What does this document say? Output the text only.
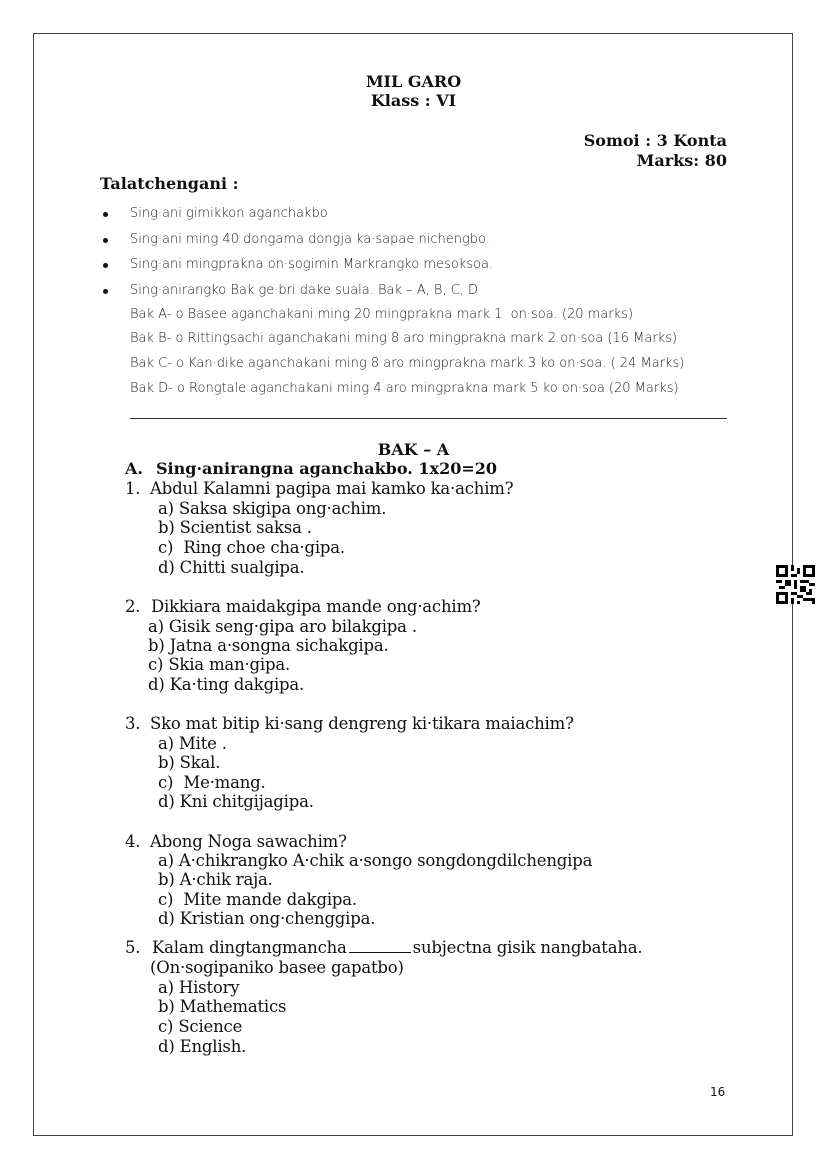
MIL GARO
Klass : VI
Somoi : 3 Konta
Marks: 80
Talatchengani :
Sing·ani gimikkon aganchakbo
Sing·ani ming 40 dongama dongja ka·sapae nichengbo.
Sing·ani mingprakna on·sogimin Markrangko mesoksoa.
Sing·anirangko Bak ge·bri dake suala. Bak – A, B, C, D
Bak A- o Basee aganchakani ming 20 mingprakna mark 1  on·soa. (20 marks)
Bak B- o Rittingsachi aganchakani ming 8 aro mingprakna mark 2 on·soa (16 Marks)
Bak C- o Kan·dike aganchakani ming 8 aro mingprakna mark 3 ko on·soa. ( 24 Marks)
Bak D- o Rongtale aganchakani ming 4 aro mingprakna mark 5 ko on·soa (20 Marks)
BAK – A
A. Sing·anirangna aganchakbo. 1x20=20
1. Abdul Kalamni pagipa mai kamko ka·achim?
a) Saksa skigipa ong·achim.
b) Scientist saksa .
c)  Ring choe cha·gipa.
d) Chitti sualgipa.
2. Dikkiara maidakgipa mande ong·achim?
a) Gisik seng·gipa aro bilakgipa .
b) Jatna a·songna sichakgipa.
c) Skia man·gipa.
d) Ka·ting dakgipa.
3. Sko mat bitip ki·sang dengreng ki·tikara maiachim?
a) Mite .
b) Skal.
c)  Me·mang.
d) Kni chitgijagipa.
4. Abong Noga sawachim?
a) A·chikrangko A·chik a·songo songdongdilchengipa
b) A·chik raja.
c)  Mite mande dakgipa.
d) Kristian ong·chenggipa.
5. Kalam dingtangmancha	subjectna gisik nangbataha.
(On·sogipaniko basee gapatbo)
a) History
b) Mathematics
c) Science
d) English.
16
